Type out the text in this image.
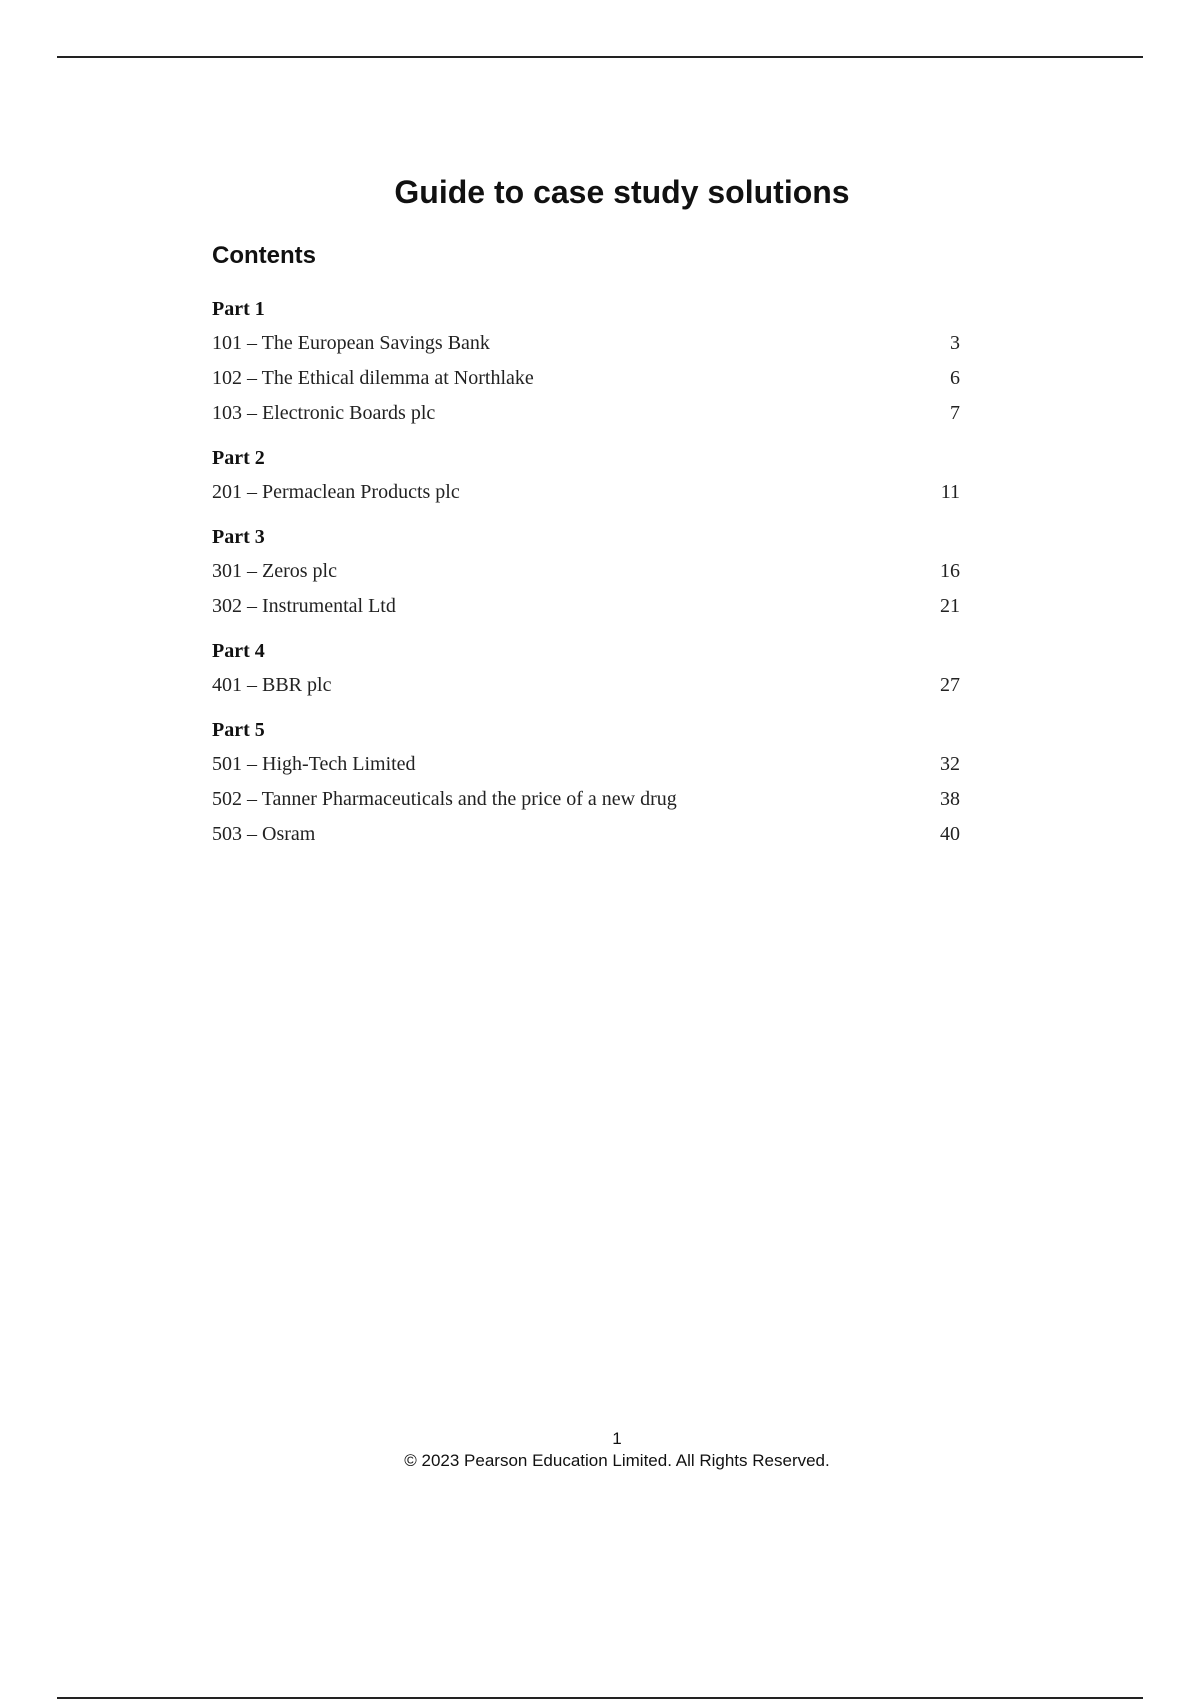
Guide to case study solutions
Contents
Part 1
101 – The European Savings Bank	3
102 – The Ethical dilemma at Northlake	6
103 – Electronic Boards plc	7
Part 2
201 – Permaclean Products plc	11
Part 3
301 – Zeros plc	16
302 – Instrumental Ltd	21
Part 4
401 – BBR plc	27
Part 5
501 – High-Tech Limited	32
502 – Tanner Pharmaceuticals and the price of a new drug	38
503 – Osram	40
1
© 2023 Pearson Education Limited. All Rights Reserved.
